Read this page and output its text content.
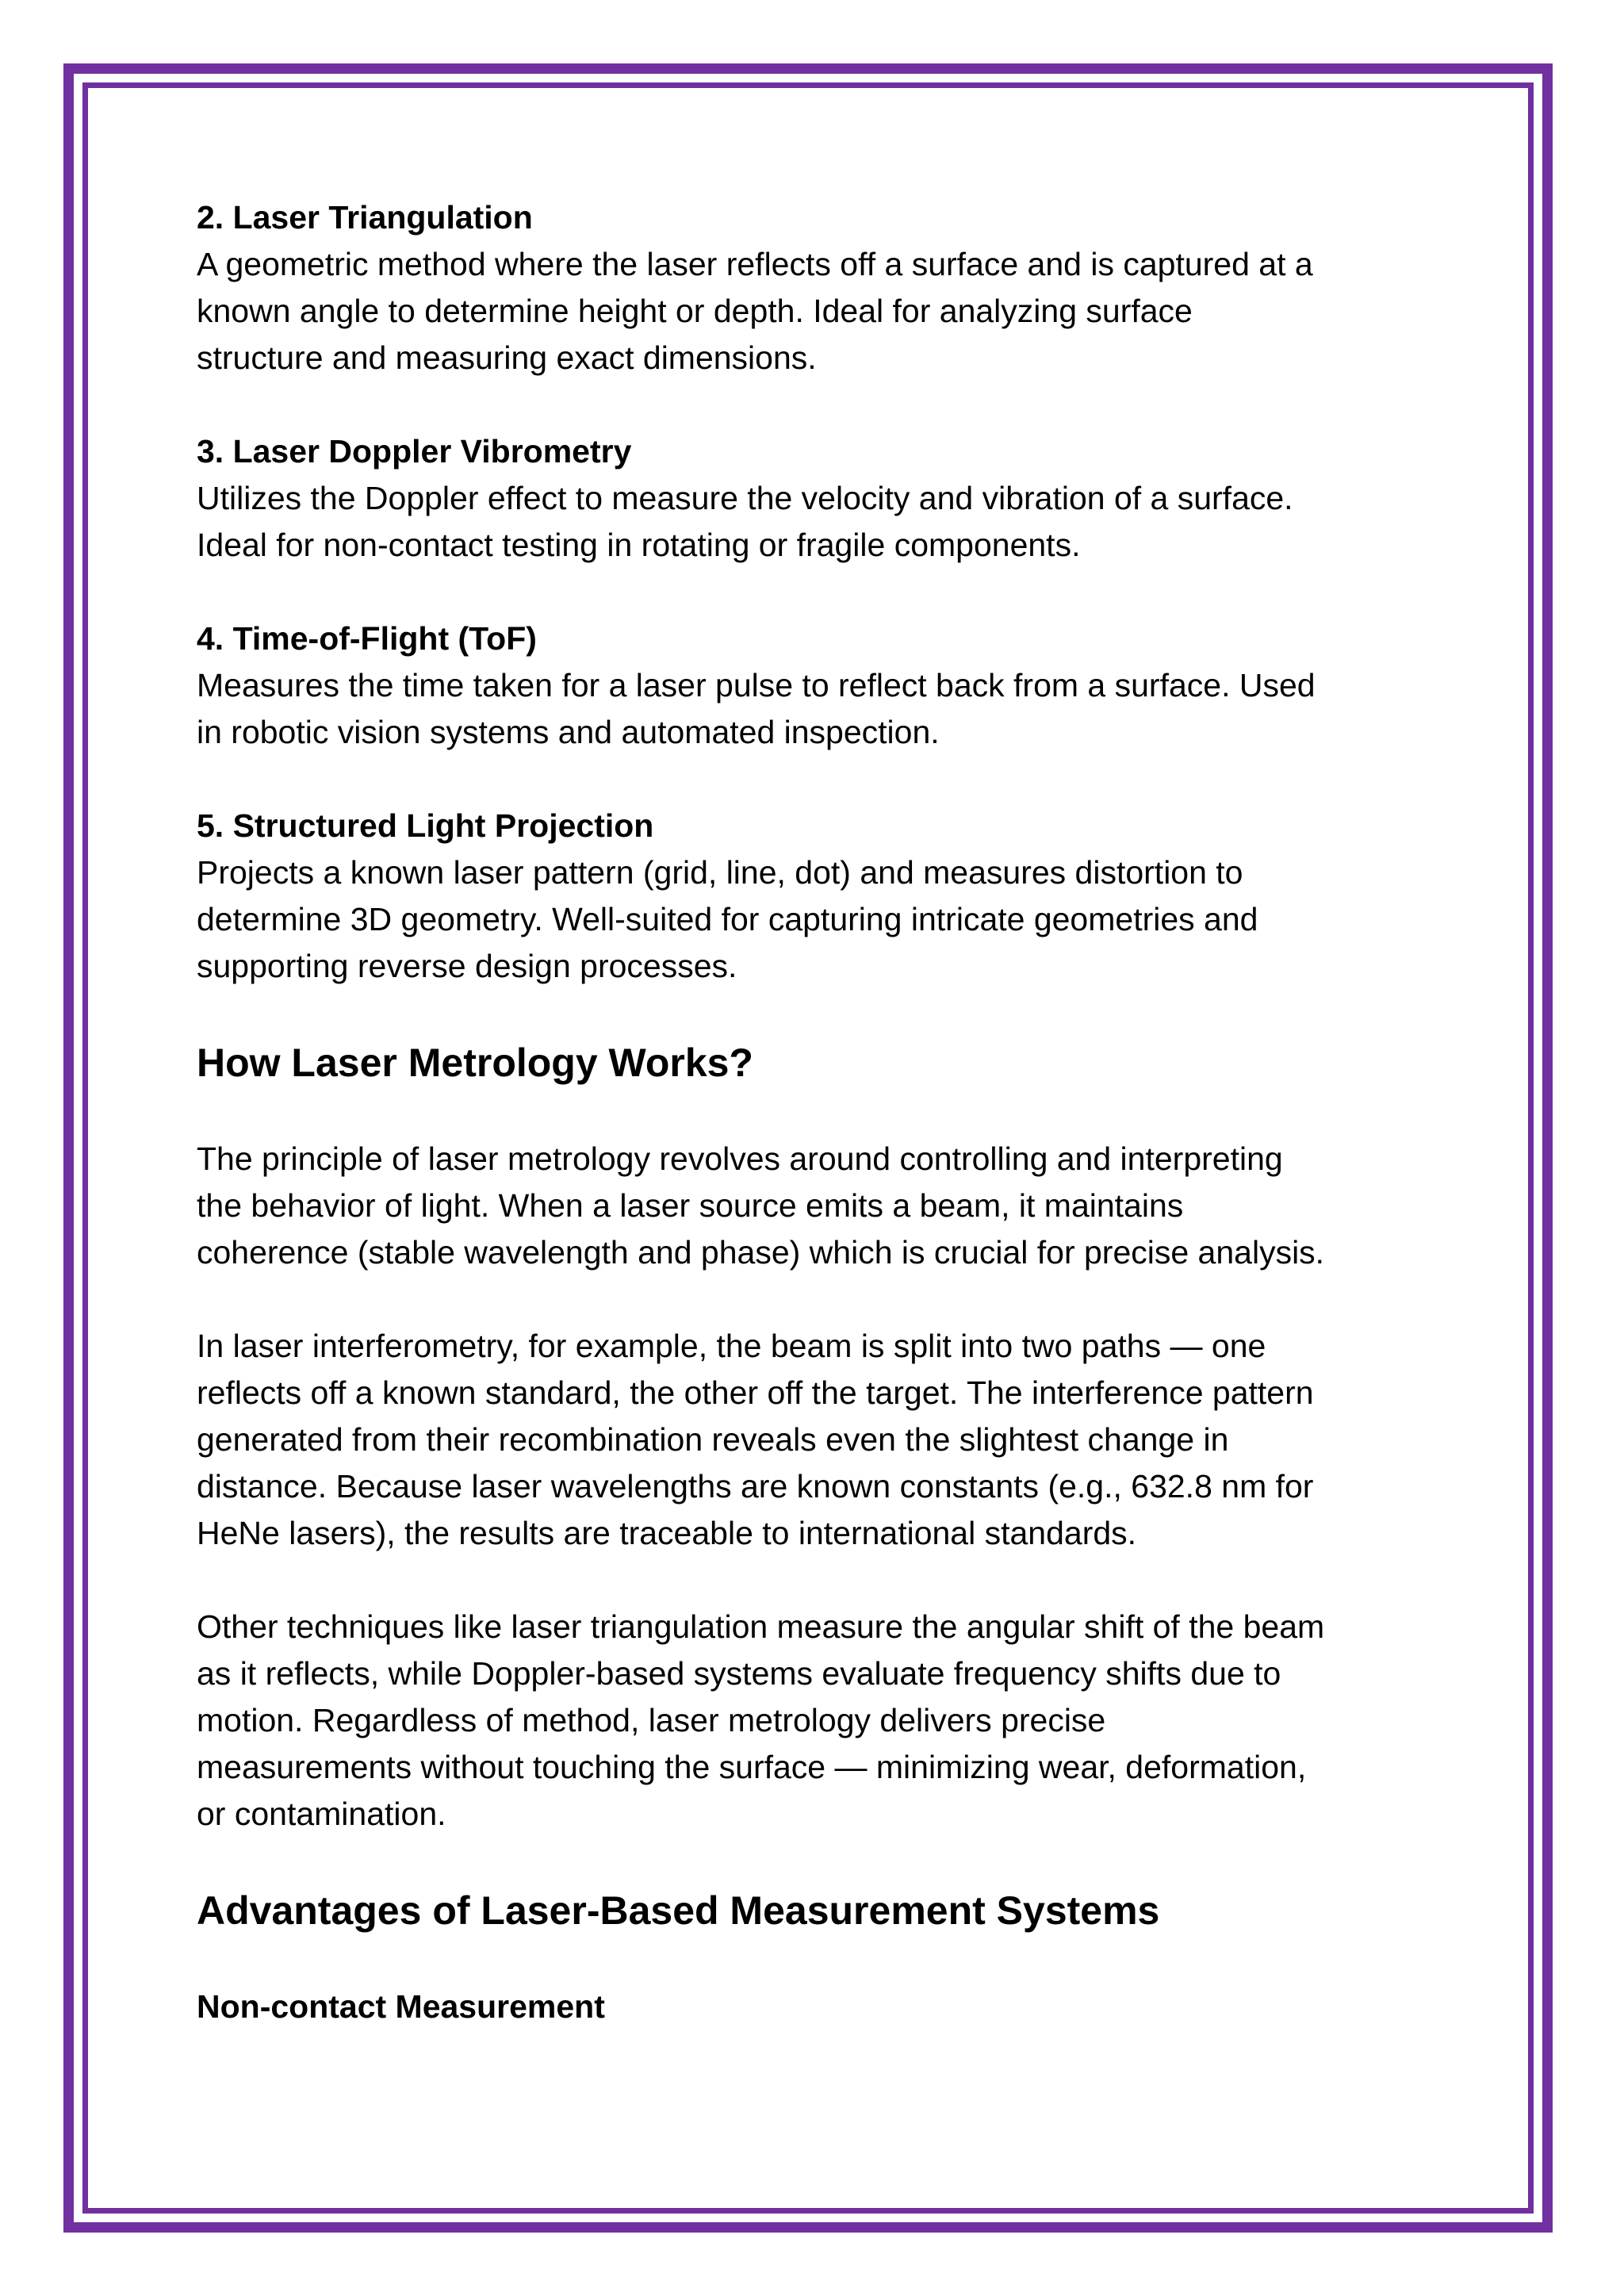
2. Laser Triangulation

A geometric method where the laser reflects off a surface and is captured at a

known angle to determine height or depth. Ideal for analyzing surface

structure and measuring exact dimensions.

3. Laser Doppler Vibrometry

Utilizes the Doppler effect to measure the velocity and vibration of a surface.

Ideal for non-contact testing in rotating or fragile components.

4. Time-of-Flight (ToF)

Measures the time taken for a laser pulse to reflect back from a surface. Used

in robotic vision systems and automated inspection.

5. Structured Light Projection

Projects a known laser pattern (grid, line, dot) and measures distortion to

determine 3D geometry. Well-suited for capturing intricate geometries and

supporting reverse design processes.

How Laser Metrology Works?

The principle of laser metrology revolves around controlling and interpreting

the behavior of light. When a laser source emits a beam, it maintains

coherence (stable wavelength and phase) which is crucial for precise analysis.

In laser interferometry, for example, the beam is split into two paths — one

reflects off a known standard, the other off the target. The interference pattern

generated from their recombination reveals even the slightest change in

distance. Because laser wavelengths are known constants (e.g., 632.8 nm for

HeNe lasers), the results are traceable to international standards.

Other techniques like laser triangulation measure the angular shift of the beam

as it reflects, while Doppler-based systems evaluate frequency shifts due to

motion. Regardless of method, laser metrology delivers precise

measurements without touching the surface — minimizing wear, deformation,

or contamination.

Advantages of Laser-Based Measurement Systems

Non-contact Measurement
